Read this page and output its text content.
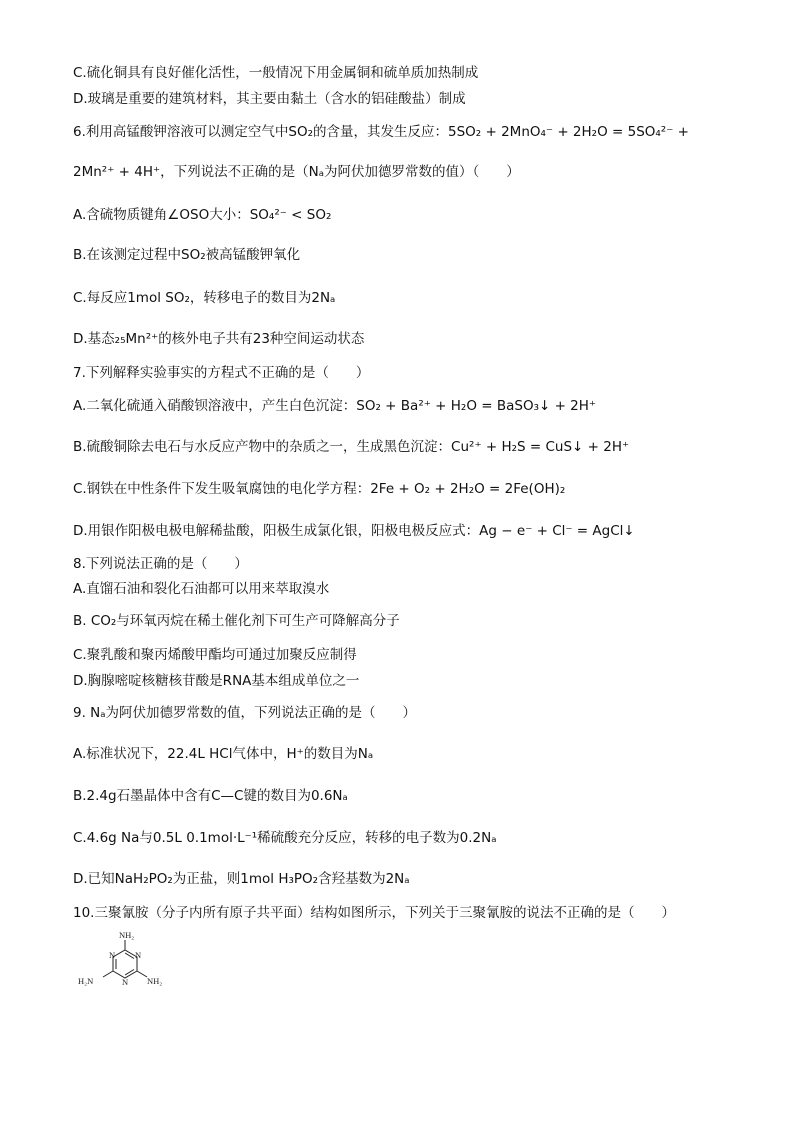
C.硫化铜具有良好催化活性，一般情况下用金属铜和硫单质加热制成
D.玻璃是重要的建筑材料，其主要由黏土（含水的铝硅酸盐）制成
6.利用高锰酸钾溶液可以测定空气中SO₂的含量，其发生反应：5SO₂ + 2MnO₄⁻ + 2H₂O = 5SO₄²⁻ +
2Mn²⁺ + 4H⁺，下列说法不正确的是（Nₐ为阿伏加德罗常数的值）（　　）
A.含硫物质键角∠OSO大小：SO₄²⁻ < SO₂
B.在该测定过程中SO₂被高锰酸钾氧化
C.每反应1mol SO₂，转移电子的数目为2Nₐ
D.基态₂₅Mn²⁺的核外电子共有23种空间运动状态
7.下列解释实验事实的方程式不正确的是（　　）
A.二氧化硫通入硝酸钡溶液中，产生白色沉淀：SO₂ + Ba²⁺ + H₂O = BaSO₃↓ + 2H⁺
B.硫酸铜除去电石与水反应产物中的杂质之一，生成黑色沉淀：Cu²⁺ + H₂S = CuS↓ + 2H⁺
C.钢铁在中性条件下发生吸氧腐蚀的电化学方程：2Fe + O₂ + 2H₂O = 2Fe(OH)₂
D.用银作阳极电极电解稀盐酸，阳极生成氯化银，阳极电极反应式：Ag − e⁻ + Cl⁻ = AgCl↓
8.下列说法正确的是（　　）
A.直馏石油和裂化石油都可以用来萃取溴水
B. CO₂与环氧丙烷在稀土催化剂下可生产可降解高分子
C.聚乳酸和聚丙烯酸甲酯均可通过加聚反应制得
D.胸腺嘧啶核糖核苷酸是RNA基本组成单位之一
9. Nₐ为阿伏加德罗常数的值，下列说法正确的是（　　）
A.标准状况下，22.4L HCl气体中，H⁺的数目为Nₐ
B.2.4g石墨晶体中含有C—C键的数目为0.6Nₐ
C.4.6g Na与0.5L 0.1mol·L⁻¹稀硫酸充分反应，转移的电子数为0.2Nₐ
D.已知NaH₂PO₂为正盐，则1mol H₃PO₂含羟基数为2Nₐ
10.三聚氰胺（分子内所有原子共平面）结构如图所示，下列关于三聚氰胺的说法不正确的是（　　）
NH₂
H₂N	NH₂
N
N
N
